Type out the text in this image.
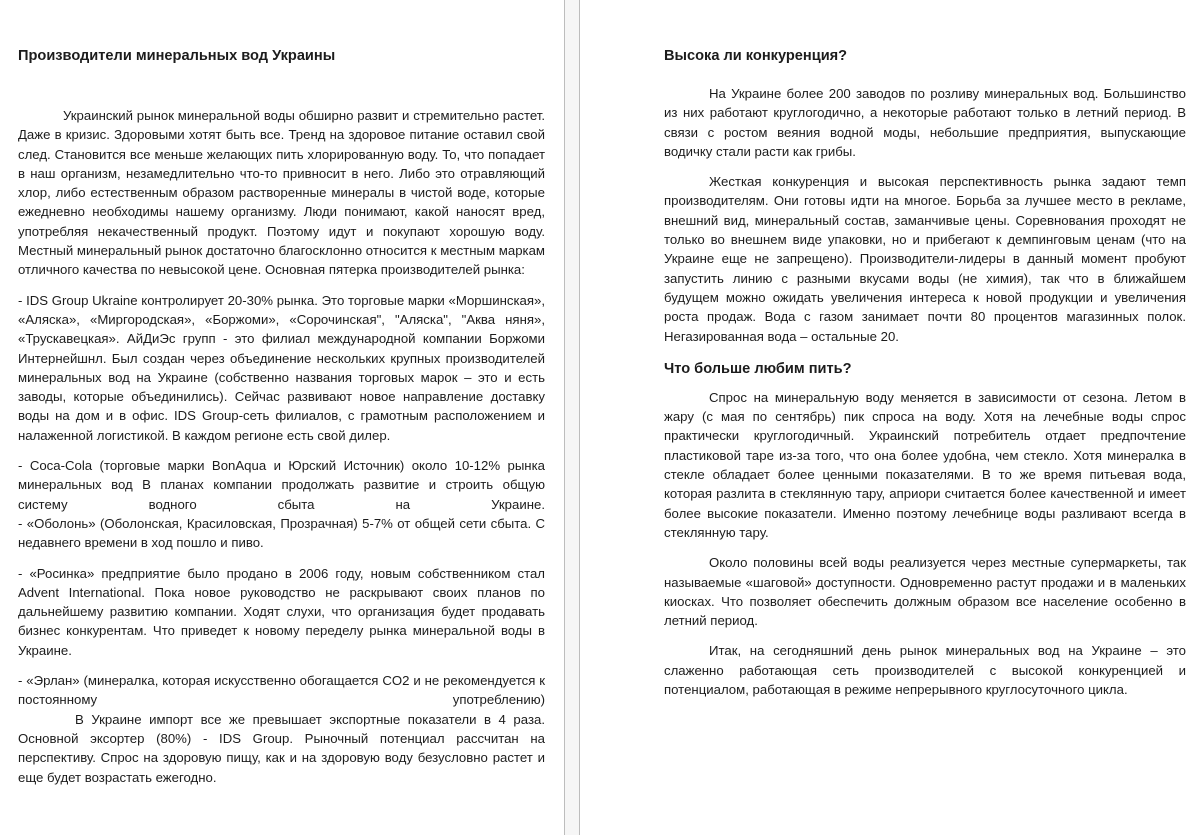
Производители минеральных вод Украины
Украинский рынок минеральной воды обширно развит и стремительно растет. Даже в кризис. Здоровыми хотят быть все. Тренд на здоровое питание оставил свой след. Становится все меньше желающих пить хлорированную воду. То, что попадает в наш организм, незамедлительно что-то привносит в него. Либо это отравляющий хлор, либо естественным образом растворенные минералы в чистой воде, которые ежедневно необходимы нашему организму. Люди понимают, какой наносят вред, употребляя некачественный продукт. Поэтому идут и покупают хорошую воду. Местный минеральный рынок достаточно благосклонно относится к местным маркам отличного качества по невысокой цене. Основная пятерка производителей рынка:
- IDS Group Ukraine контролирует 20-30% рынка. Это торговые марки «Моршинская», «Аляска», «Миргородская», «Боржоми», «Сорочинская", "Аляска", "Аква няня», «Трускавецкая». АйДиЭс групп - это филиал международной компании Боржоми Интернейшнл. Был создан через объединение нескольких крупных производителей минеральных вод на Украине (собственно названия торговых марок – это и есть заводы, которые объединились). Сейчас развивают новое направление доставку воды на дом и в офис. IDS Group-сеть филиалов, с грамотным расположением и налаженной логистикой. В каждом регионе есть свой дилер.
- Coca-Cola (торговые марки BonAqua и Юрский Источник) около 10-12% рынка минеральных вод В планах компании продолжать развитие и строить общую систему водного сбыта на Украине.
- «Оболонь» (Оболонская, Красиловская, Прозрачная) 5-7% от общей сети сбыта. С недавнего времени в ход пошло и пиво.
- «Росинка» предприятие было продано в 2006 году, новым собственником стал Advent International. Пока новое руководство не раскрывают своих планов по дальнейшему развитию компании. Ходят слухи, что организация будет продавать бизнес конкурентам. Что приведет к новому переделу рынка минеральной воды в Украине.
- «Эрлан» (минералка, которая искусственно обогащается CO2 и не рекомендуется к постоянному употреблению)
В Украине импорт все же превышает экспортные показатели в 4 раза. Основной эксортер (80%) - IDS Group. Рыночный потенциал рассчитан на перспективу. Спрос на здоровую пищу, как и на здоровую воду безусловно растет и еще будет возрастать ежегодно.
Высока ли конкуренция?
На Украине более 200 заводов по розливу минеральных вод. Большинство из них работают круглогодично, а некоторые работают только в летний период. В связи с ростом веяния водной моды, небольшие предприятия, выпускающие водичку стали расти как грибы.
Жесткая конкуренция и высокая перспективность рынка задают темп производителям. Они готовы идти на многое. Борьба за лучшее место в рекламе, внешний вид, минеральный состав, заманчивые цены. Соревнования проходят не только во внешнем виде упаковки, но и прибегают к демпинговым ценам (что на Украине еще не запрещено). Производители-лидеры в данный момент пробуют запустить линию с разными вкусами воды (не химия), так что в ближайшем будущем можно ожидать увеличения интереса к новой продукции и увеличения роста продаж. Вода с газом занимает почти 80 процентов магазинных полок. Негазированная вода – остальные 20.
Что больше любим пить?
Спрос на минеральную воду меняется в зависимости от сезона. Летом в жару (с мая по сентябрь) пик спроса на воду. Хотя на лечебные воды спрос практически круглогодичный. Украинский потребитель отдает предпочтение пластиковой таре из-за того, что она более удобна, чем стекло. Хотя минералка в стекле обладает более ценными показателями. В то же время питьевая вода, которая разлита в стеклянную тару, априори считается более качественной и имеет более высокие показатели. Именно поэтому лечебнице воды разливают всегда в стеклянную тару.
Около половины всей воды реализуется через местные супермаркеты, так называемые «шаговой» доступности. Одновременно растут продажи и в маленьких киосках. Что позволяет обеспечить должным образом все население особенно в летний период.
Итак, на сегодняшний день рынок минеральных вод на Украине – это слаженно работающая сеть производителей с высокой конкуренцией и потенциалом, работающая в режиме непрерывного круглосуточного цикла.
